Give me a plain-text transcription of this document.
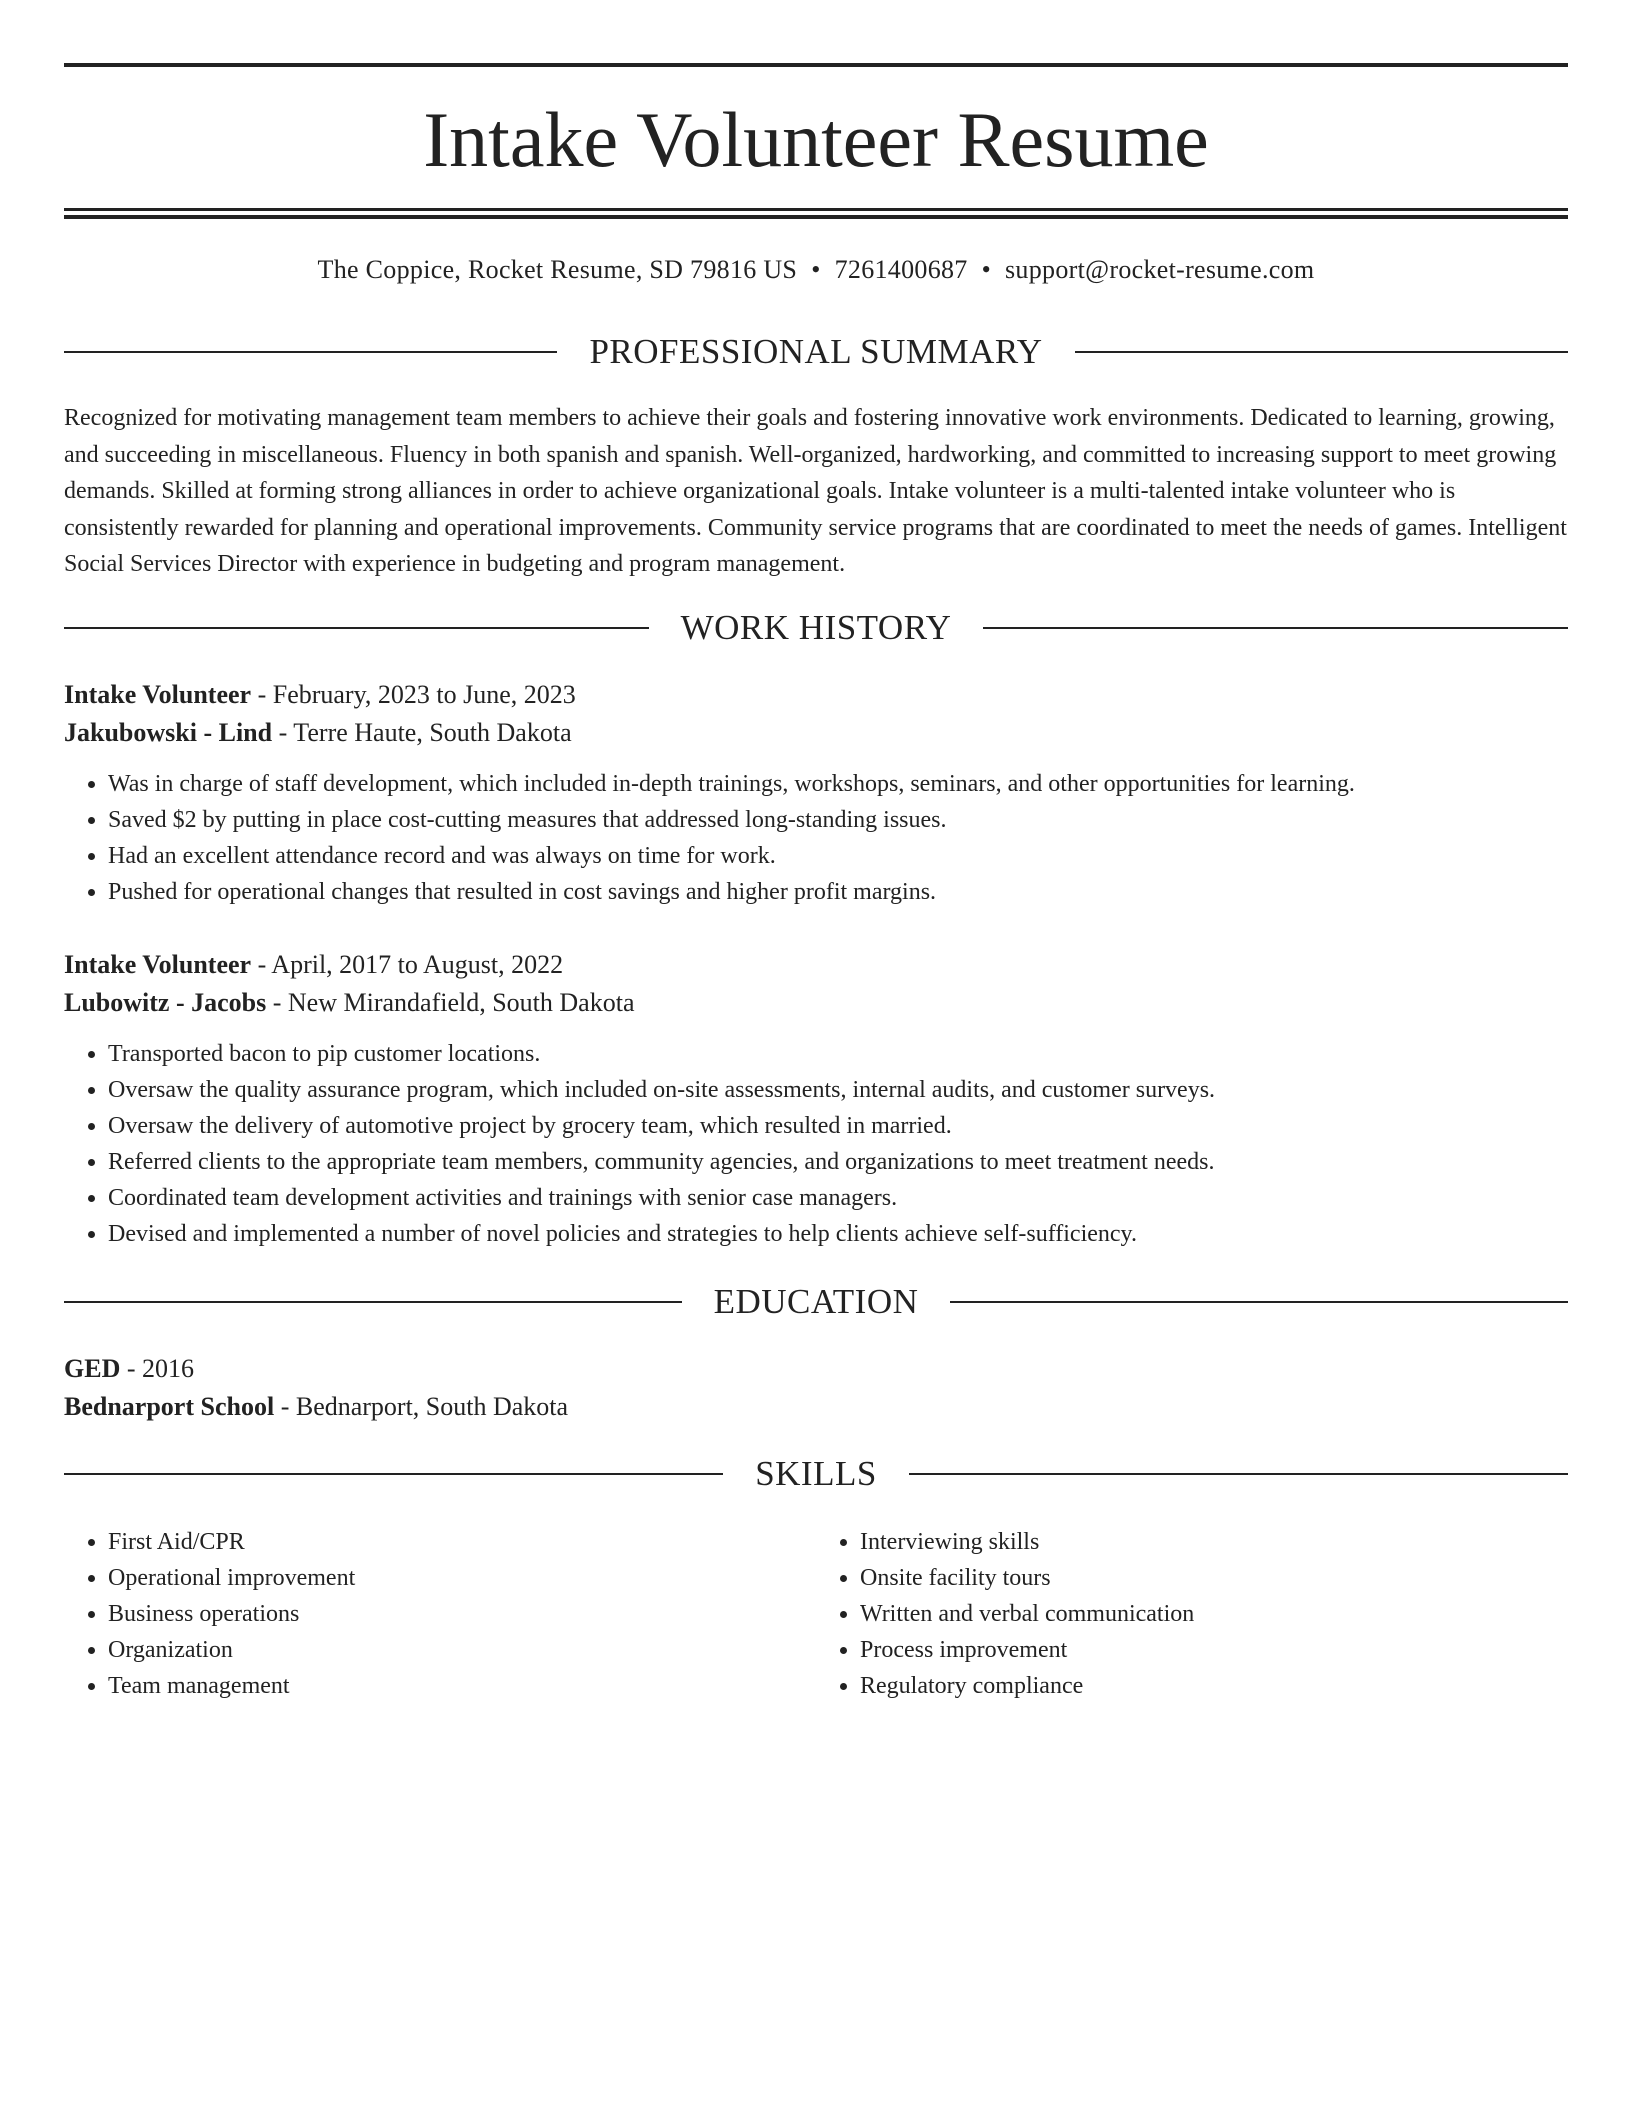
Intake Volunteer Resume
The Coppice, Rocket Resume, SD 79816 US • 7261400687 • support@rocket-resume.com
PROFESSIONAL SUMMARY

Recognized for motivating management team members to achieve their goals and fostering innovative work environments. Dedicated to learning, growing, and succeeding in miscellaneous. Fluency in both spanish and spanish. Well-organized, hardworking, and committed to increasing support to meet growing demands. Skilled at forming strong alliances in order to achieve organizational goals. Intake volunteer is a multi-talented intake volunteer who is consistently rewarded for planning and operational improvements. Community service programs that are coordinated to meet the needs of games. Intelligent Social Services Director with experience in budgeting and program management.

WORK HISTORY
Intake Volunteer - February, 2023 to June, 2023
Jakubowski - Lind - Terre Haute, South Dakota
• Was in charge of staff development, which included in-depth trainings, workshops, seminars, and other opportunities for learning.
• Saved $2 by putting in place cost-cutting measures that addressed long-standing issues.
• Had an excellent attendance record and was always on time for work.
• Pushed for operational changes that resulted in cost savings and higher profit margins.
Intake Volunteer - April, 2017 to August, 2022
Lubowitz - Jacobs - New Mirandafield, South Dakota
• Transported bacon to pip customer locations.
• Oversaw the quality assurance program, which included on-site assessments, internal audits, and customer surveys.
• Oversaw the delivery of automotive project by grocery team, which resulted in married.
• Referred clients to the appropriate team members, community agencies, and organizations to meet treatment needs.
• Coordinated team development activities and trainings with senior case managers.
• Devised and implemented a number of novel policies and strategies to help clients achieve self-sufficiency.
EDUCATION
GED - 2016
Bednarport School - Bednarport, South Dakota
SKILLS
• First Aid/CPR
• Operational improvement
• Business operations
• Organization
• Team management
• Interviewing skills
• Onsite facility tours
• Written and verbal communication
• Process improvement
• Regulatory compliance
